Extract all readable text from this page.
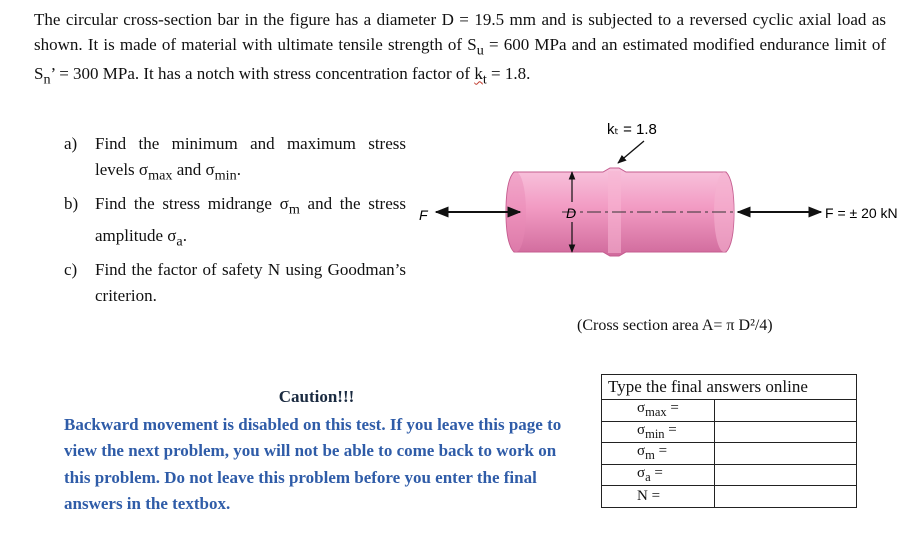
The circular cross-section bar in the figure has a diameter D = 19.5 mm and is subjected to a reversed cyclic axial load as shown. It is made of material with ultimate tensile strength of $S_u = 600$ MPa and an estimated modified endurance limit of $S_n$’ = 300 MPa. It has a notch with stress concentration factor of $k_t = 1.8$.
a) Find the minimum and maximum stress levels $\sigma_{max}$ and $\sigma_{min}$.
b) Find the stress midrange $\sigma_m$ and the stress amplitude $\sigma_a$.
c) Find the factor of safety N using Goodman’s criterion.
kₜ = 1.8
D
F	F = ± 20 kN
(Cross section area A= π D²/4)
Caution!!!
Backward movement is disabled on this test. If you leave this page to view the next problem, you will not be able to come back to work on this problem. Do not leave this problem before you enter the final answers in the textbox.
Type the final answers online	
$\sigma_{max}$ =	
$\sigma_{min}$ =	
$\sigma_m$ =	
$\sigma_a$ =	
N =	
